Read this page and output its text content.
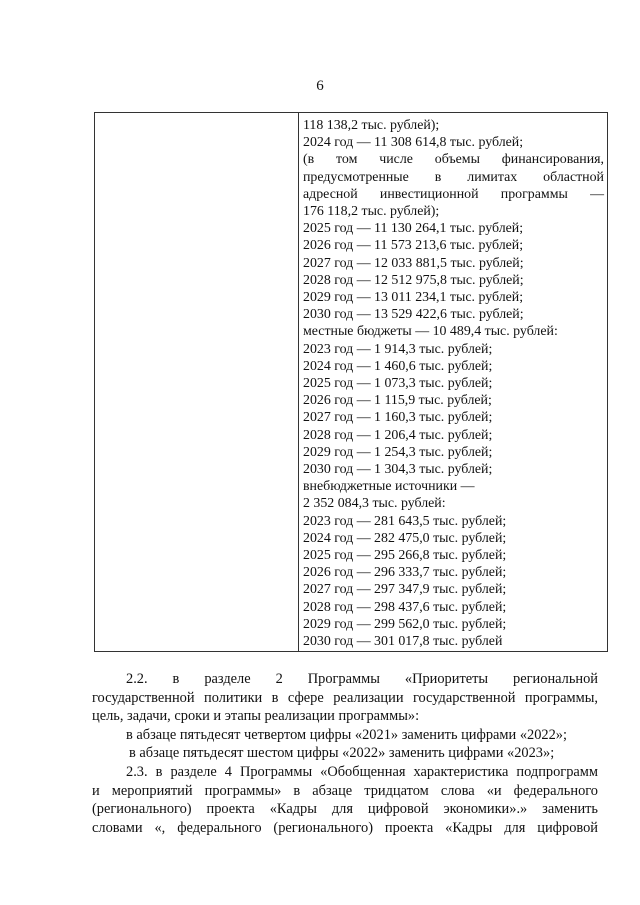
6
118 138,2 тыс. рублей);
2024 год — 11 308 614,8 тыс. рублей;
(в том числе объемы финансирования,
предусмотренные в лимитах областной
адресной инвестиционной программы —
176 118,2 тыс. рублей);
2025 год — 11 130 264,1 тыс. рублей;
2026 год — 11 573 213,6 тыс. рублей;
2027 год — 12 033 881,5 тыс. рублей;
2028 год — 12 512 975,8 тыс. рублей;
2029 год — 13 011 234,1 тыс. рублей;
2030 год — 13 529 422,6 тыс. рублей;
местные бюджеты — 10 489,4 тыс. рублей:
2023 год — 1 914,3 тыс. рублей;
2024 год — 1 460,6 тыс. рублей;
2025 год — 1 073,3 тыс. рублей;
2026 год — 1 115,9 тыс. рублей;
2027 год — 1 160,3 тыс. рублей;
2028 год — 1 206,4 тыс. рублей;
2029 год — 1 254,3 тыс. рублей;
2030 год — 1 304,3 тыс. рублей;
внебюджетные источники —
2 352 084,3 тыс. рублей:
2023 год — 281 643,5 тыс. рублей;
2024 год — 282 475,0 тыс. рублей;
2025 год — 295 266,8 тыс. рублей;
2026 год — 296 333,7 тыс. рублей;
2027 год — 297 347,9 тыс. рублей;
2028 год — 298 437,6 тыс. рублей;
2029 год — 299 562,0 тыс. рублей;
2030 год — 301 017,8 тыс. рублей

2.2. в разделе 2 Программы «Приоритеты региональной

государственной политики в сфере реализации государственной программы,

цель, задачи, сроки и этапы реализации программы»:

в абзаце пятьдесят четвертом цифры «2021» заменить цифрами «2022»;

в абзаце пятьдесят шестом цифры «2022» заменить цифрами «2023»;

2.3. в разделе 4 Программы «Обобщенная характеристика подпрограмм

и мероприятий программы» в абзаце тридцатом слова «и федерального

(регионального) проекта «Кадры для цифровой экономики».» заменить

словами «, федерального (регионального) проекта «Кадры для цифровой
